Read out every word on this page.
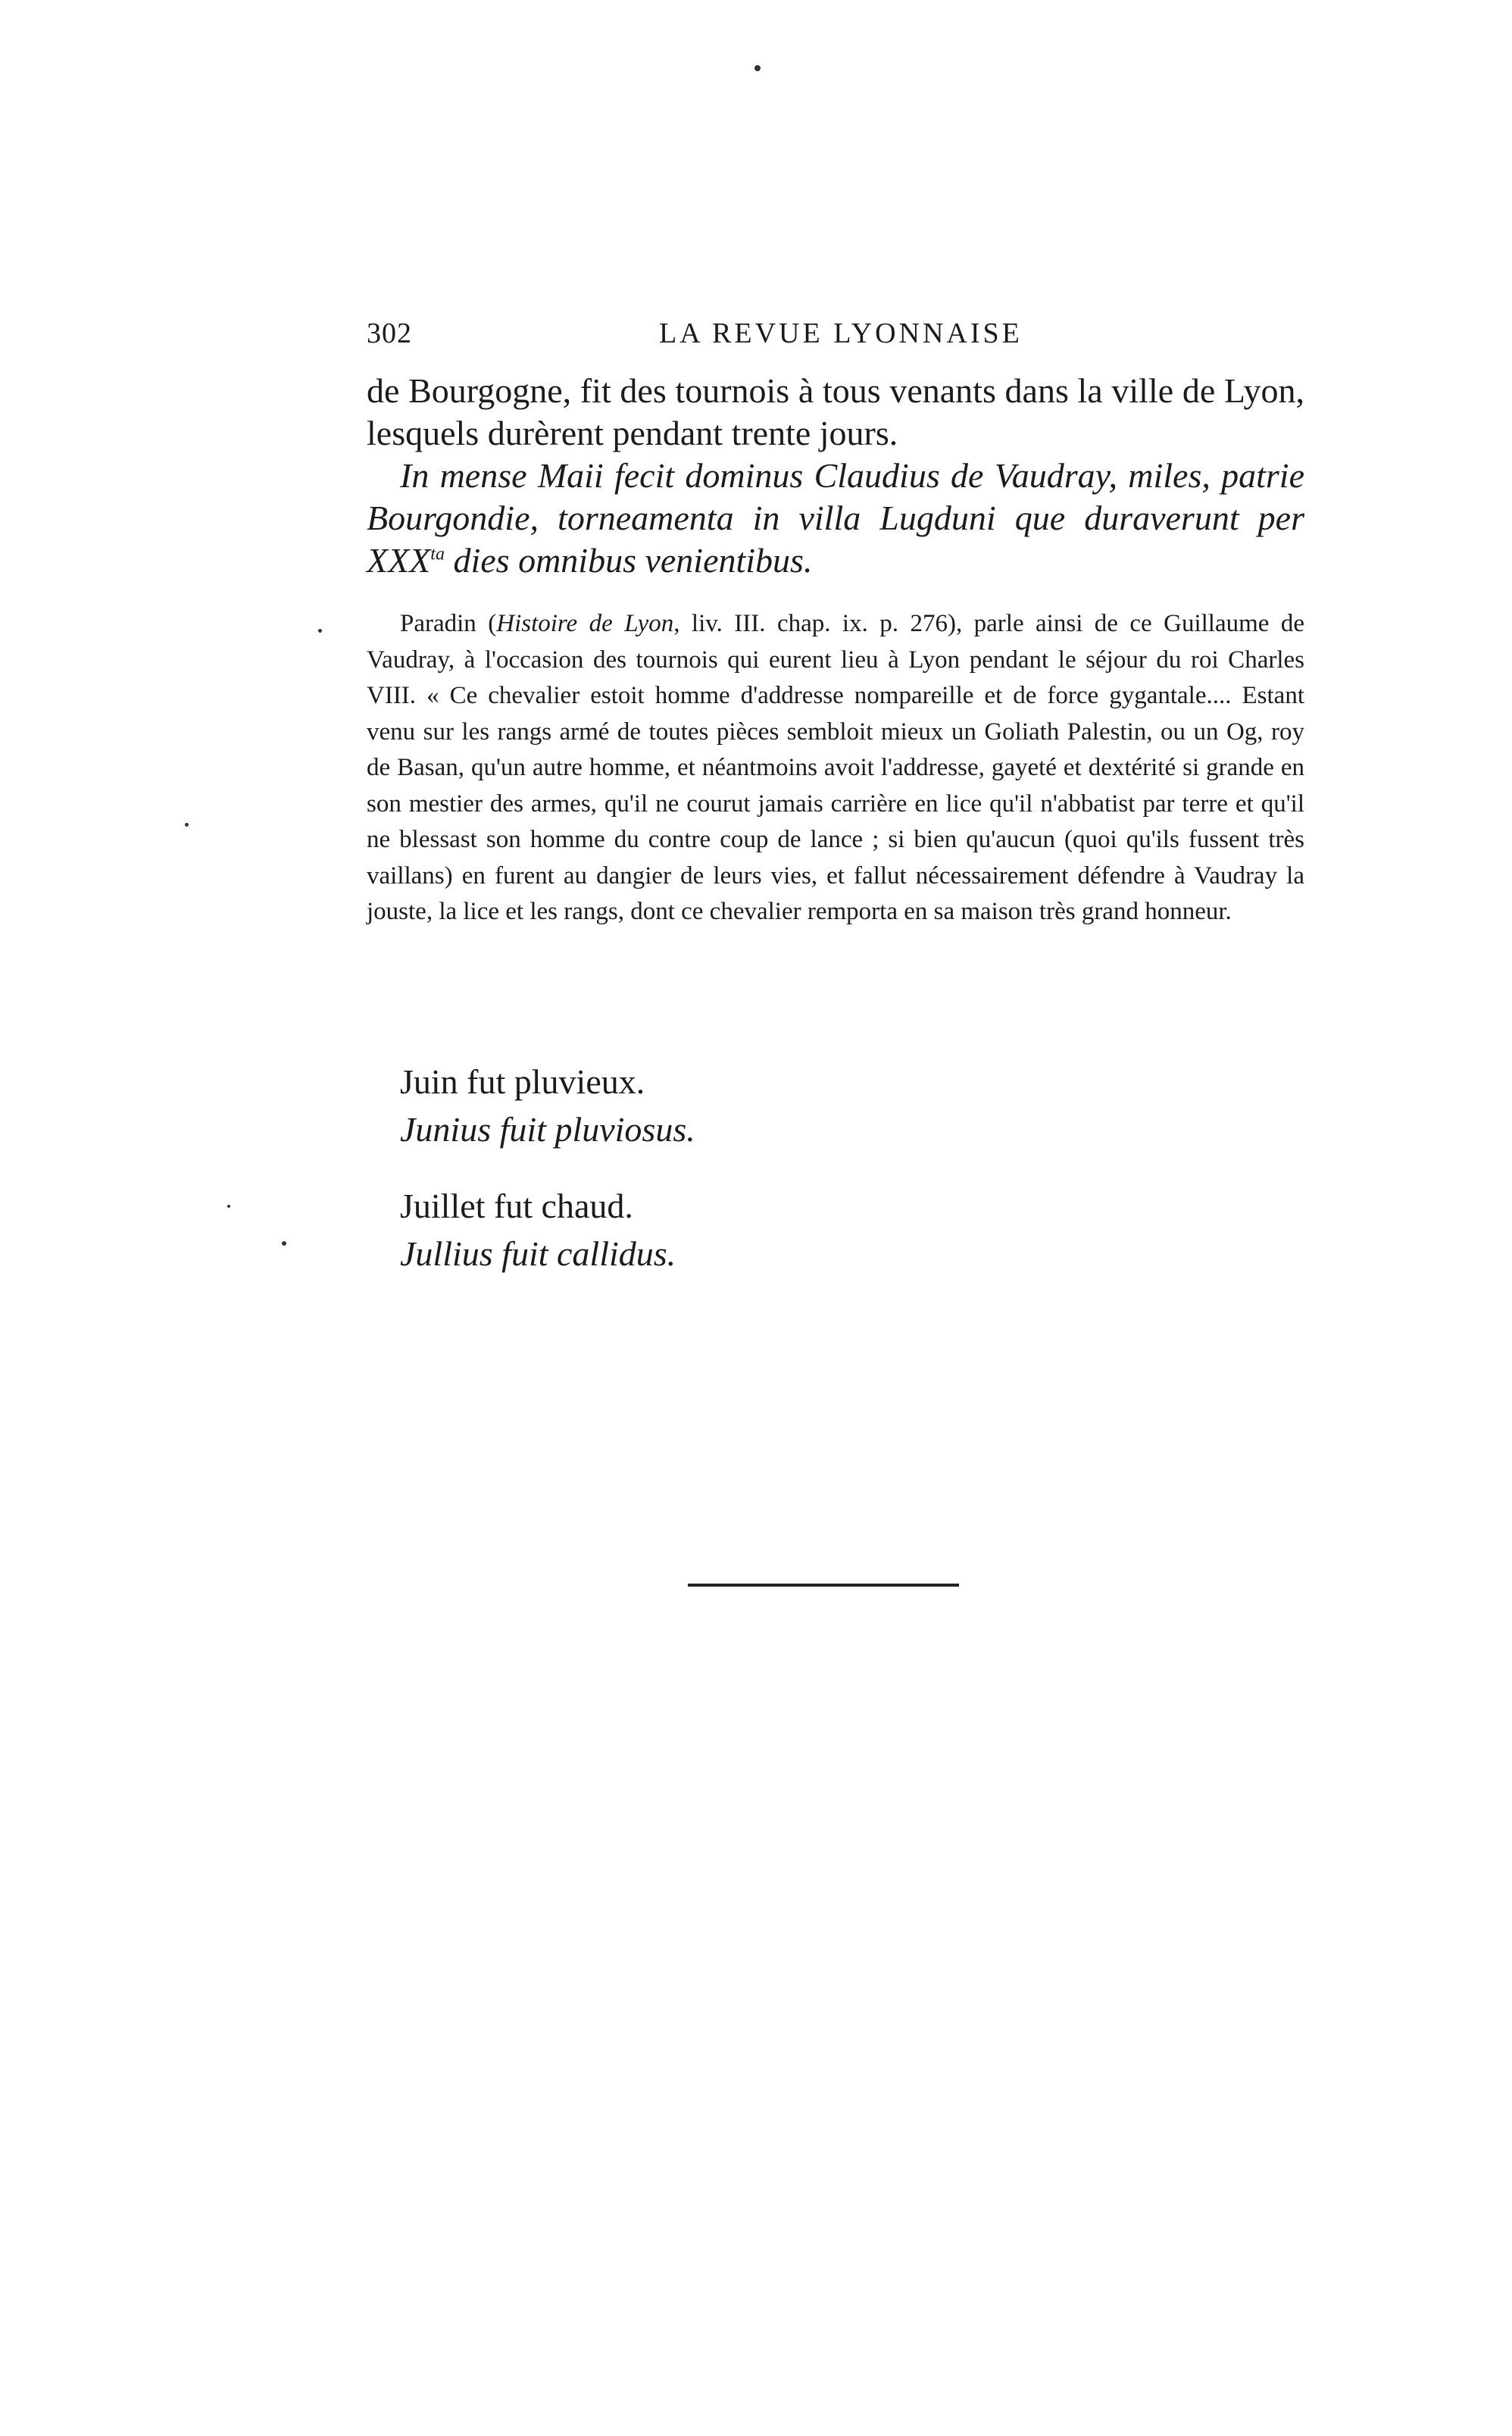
302	LA REVUE LYONNAISE

de Bourgogne, fit des tournois à tous venants dans la ville de Lyon, lesquels durèrent pendant trente jours.

In mense Maii fecit dominus Claudius de Vaudray, miles, patrie Bourgondie, torneamenta in villa Lugduni que duraverunt per $XXX^{ta}$ dies omnibus venientibus.

Paradin (Histoire de Lyon, liv. III. chap. ix. p. 276), parle ainsi de ce Guillaume de Vaudray, à l'occasion des tournois qui eurent lieu à Lyon pendant le séjour du roi Charles VIII. « Ce chevalier estoit homme d'addresse nompareille et de force gygantale.... Estant venu sur les rangs armé de toutes pièces sembloit mieux un Goliath Palestin, ou un Og, roy de Basan, qu'un autre homme, et néantmoins avoit l'addresse, gayeté et dextérité si grande en son mestier des armes, qu'il ne courut jamais carrière en lice qu'il n'abbatist par terre et qu'il ne blessast son homme du contre coup de lance ; si bien qu'aucun (quoi qu'ils fussent très vaillans) en furent au dangier de leurs vies, et fallut nécessairement défendre à Vaudray la jouste, la lice et les rangs, dont ce chevalier remporta en sa maison très grand honneur.

Juin fut pluvieux.
Junius fuit pluviosus.
Juillet fut chaud.
Jullius fuit callidus.
